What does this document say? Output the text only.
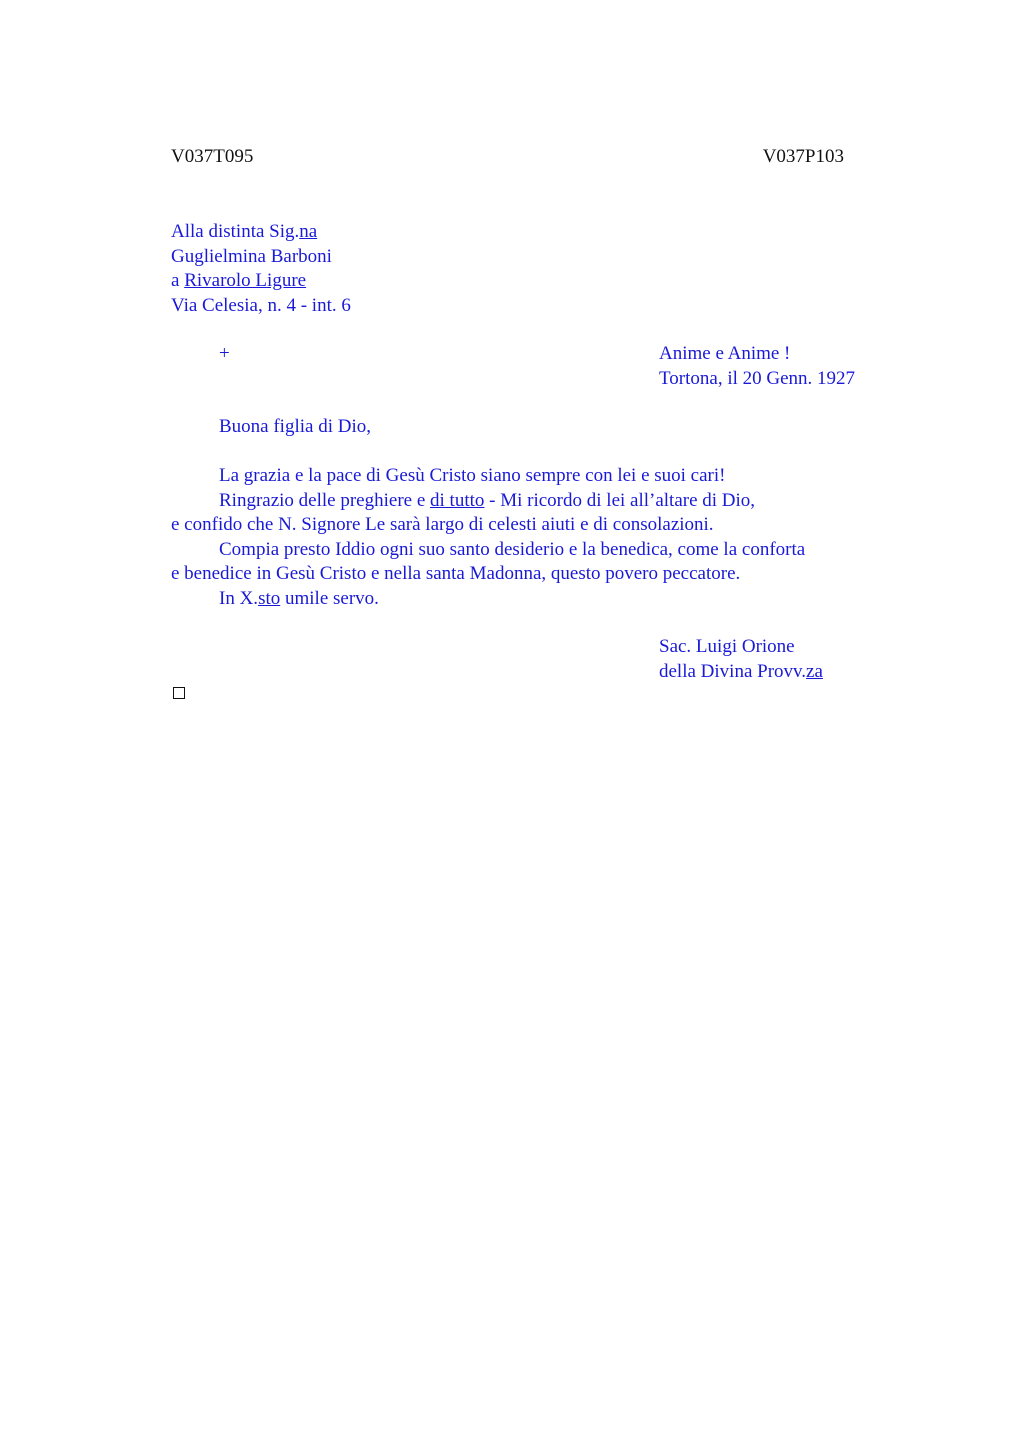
V037T095	V037P103
Alla distinta Sig.na
Guglielmina Barboni
a Rivarolo Ligure
Via Celesia, n. 4 - int. 6
+	Anime e Anime !
Tortona, il 20 Genn. 1927
Buona figlia di Dio,
La grazia e la pace di Gesù Cristo siano sempre con lei e suoi cari!
Ringrazio delle preghiere e di tutto - Mi ricordo di lei all’altare di Dio,
e confido che N. Signore Le sarà largo di celesti aiuti e di consolazioni.
Compia presto Iddio ogni suo santo desiderio e la benedica, come la conforta
e benedice in Gesù Cristo e nella santa Madonna, questo povero peccatore.
In X.sto umile servo.
Sac. Luigi Orione
della Divina Provv.za
